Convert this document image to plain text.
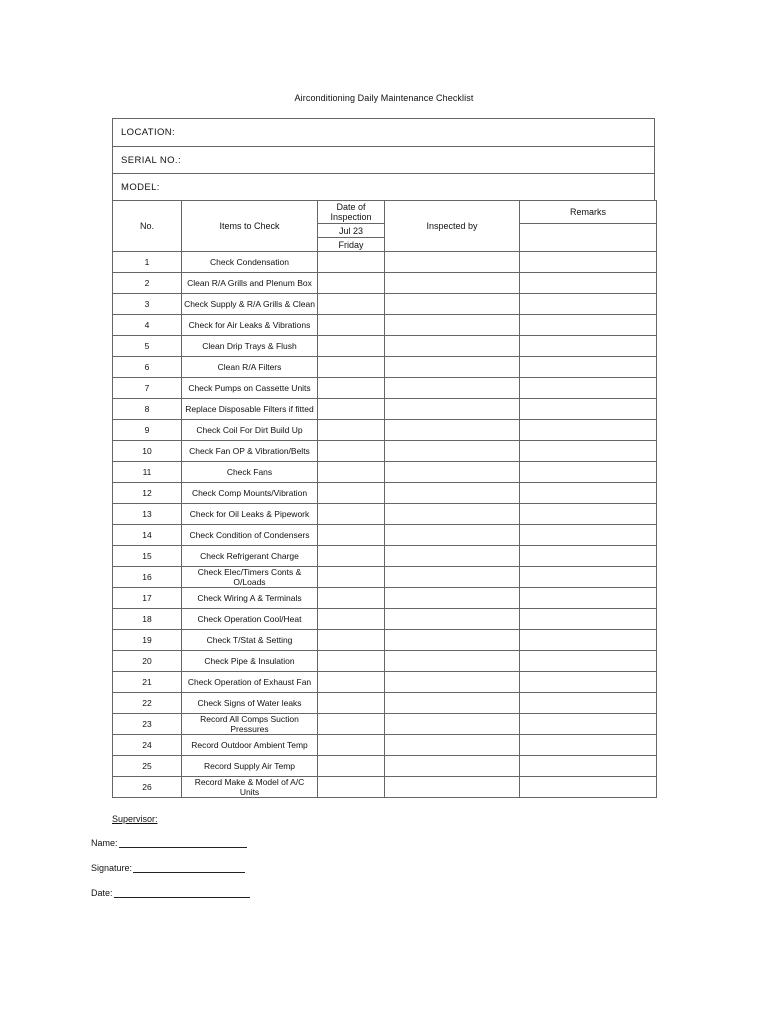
Airconditioning Daily Maintenance Checklist
LOCATION:
SERIAL NO.:
MODEL:
No.	Items to Check	Date of Inspection	Inspected by	Remarks
		Jul 23		
		Friday		
1	Check Condensation			
2	Clean R/A Grills and Plenum Box			
3	Check Supply & R/A Grills & Clean			
4	Check for Air Leaks & Vibrations			
5	Clean Drip Trays & Flush			
6	Clean R/A Filters			
7	Check Pumps on Cassette Units			
8	Replace Disposable Filters if fitted			
9	Check Coil For Dirt Build Up			
10	Check Fan OP & Vibration/Belts			
11	Check Fans			
12	Check Comp Mounts/Vibration			
13	Check for Oil Leaks & Pipework			
14	Check Condition of Condensers			
15	Check Refrigerant Charge			
16	Check Elec/Timers Conts & O/Loads			
17	Check Wiring A & Terminals			
18	Check Operation Cool/Heat			
19	Check T/Stat & Setting			
20	Check Pipe & Insulation			
21	Check Operation of Exhaust Fan			
22	Check Signs of Water leaks			
23	Record All Comps Suction Pressures			
24	Record Outdoor Ambient Temp			
25	Record Supply Air Temp			
26	Record Make & Model of A/C Units			
Supervisor:
Name:
Signature:
Date:
